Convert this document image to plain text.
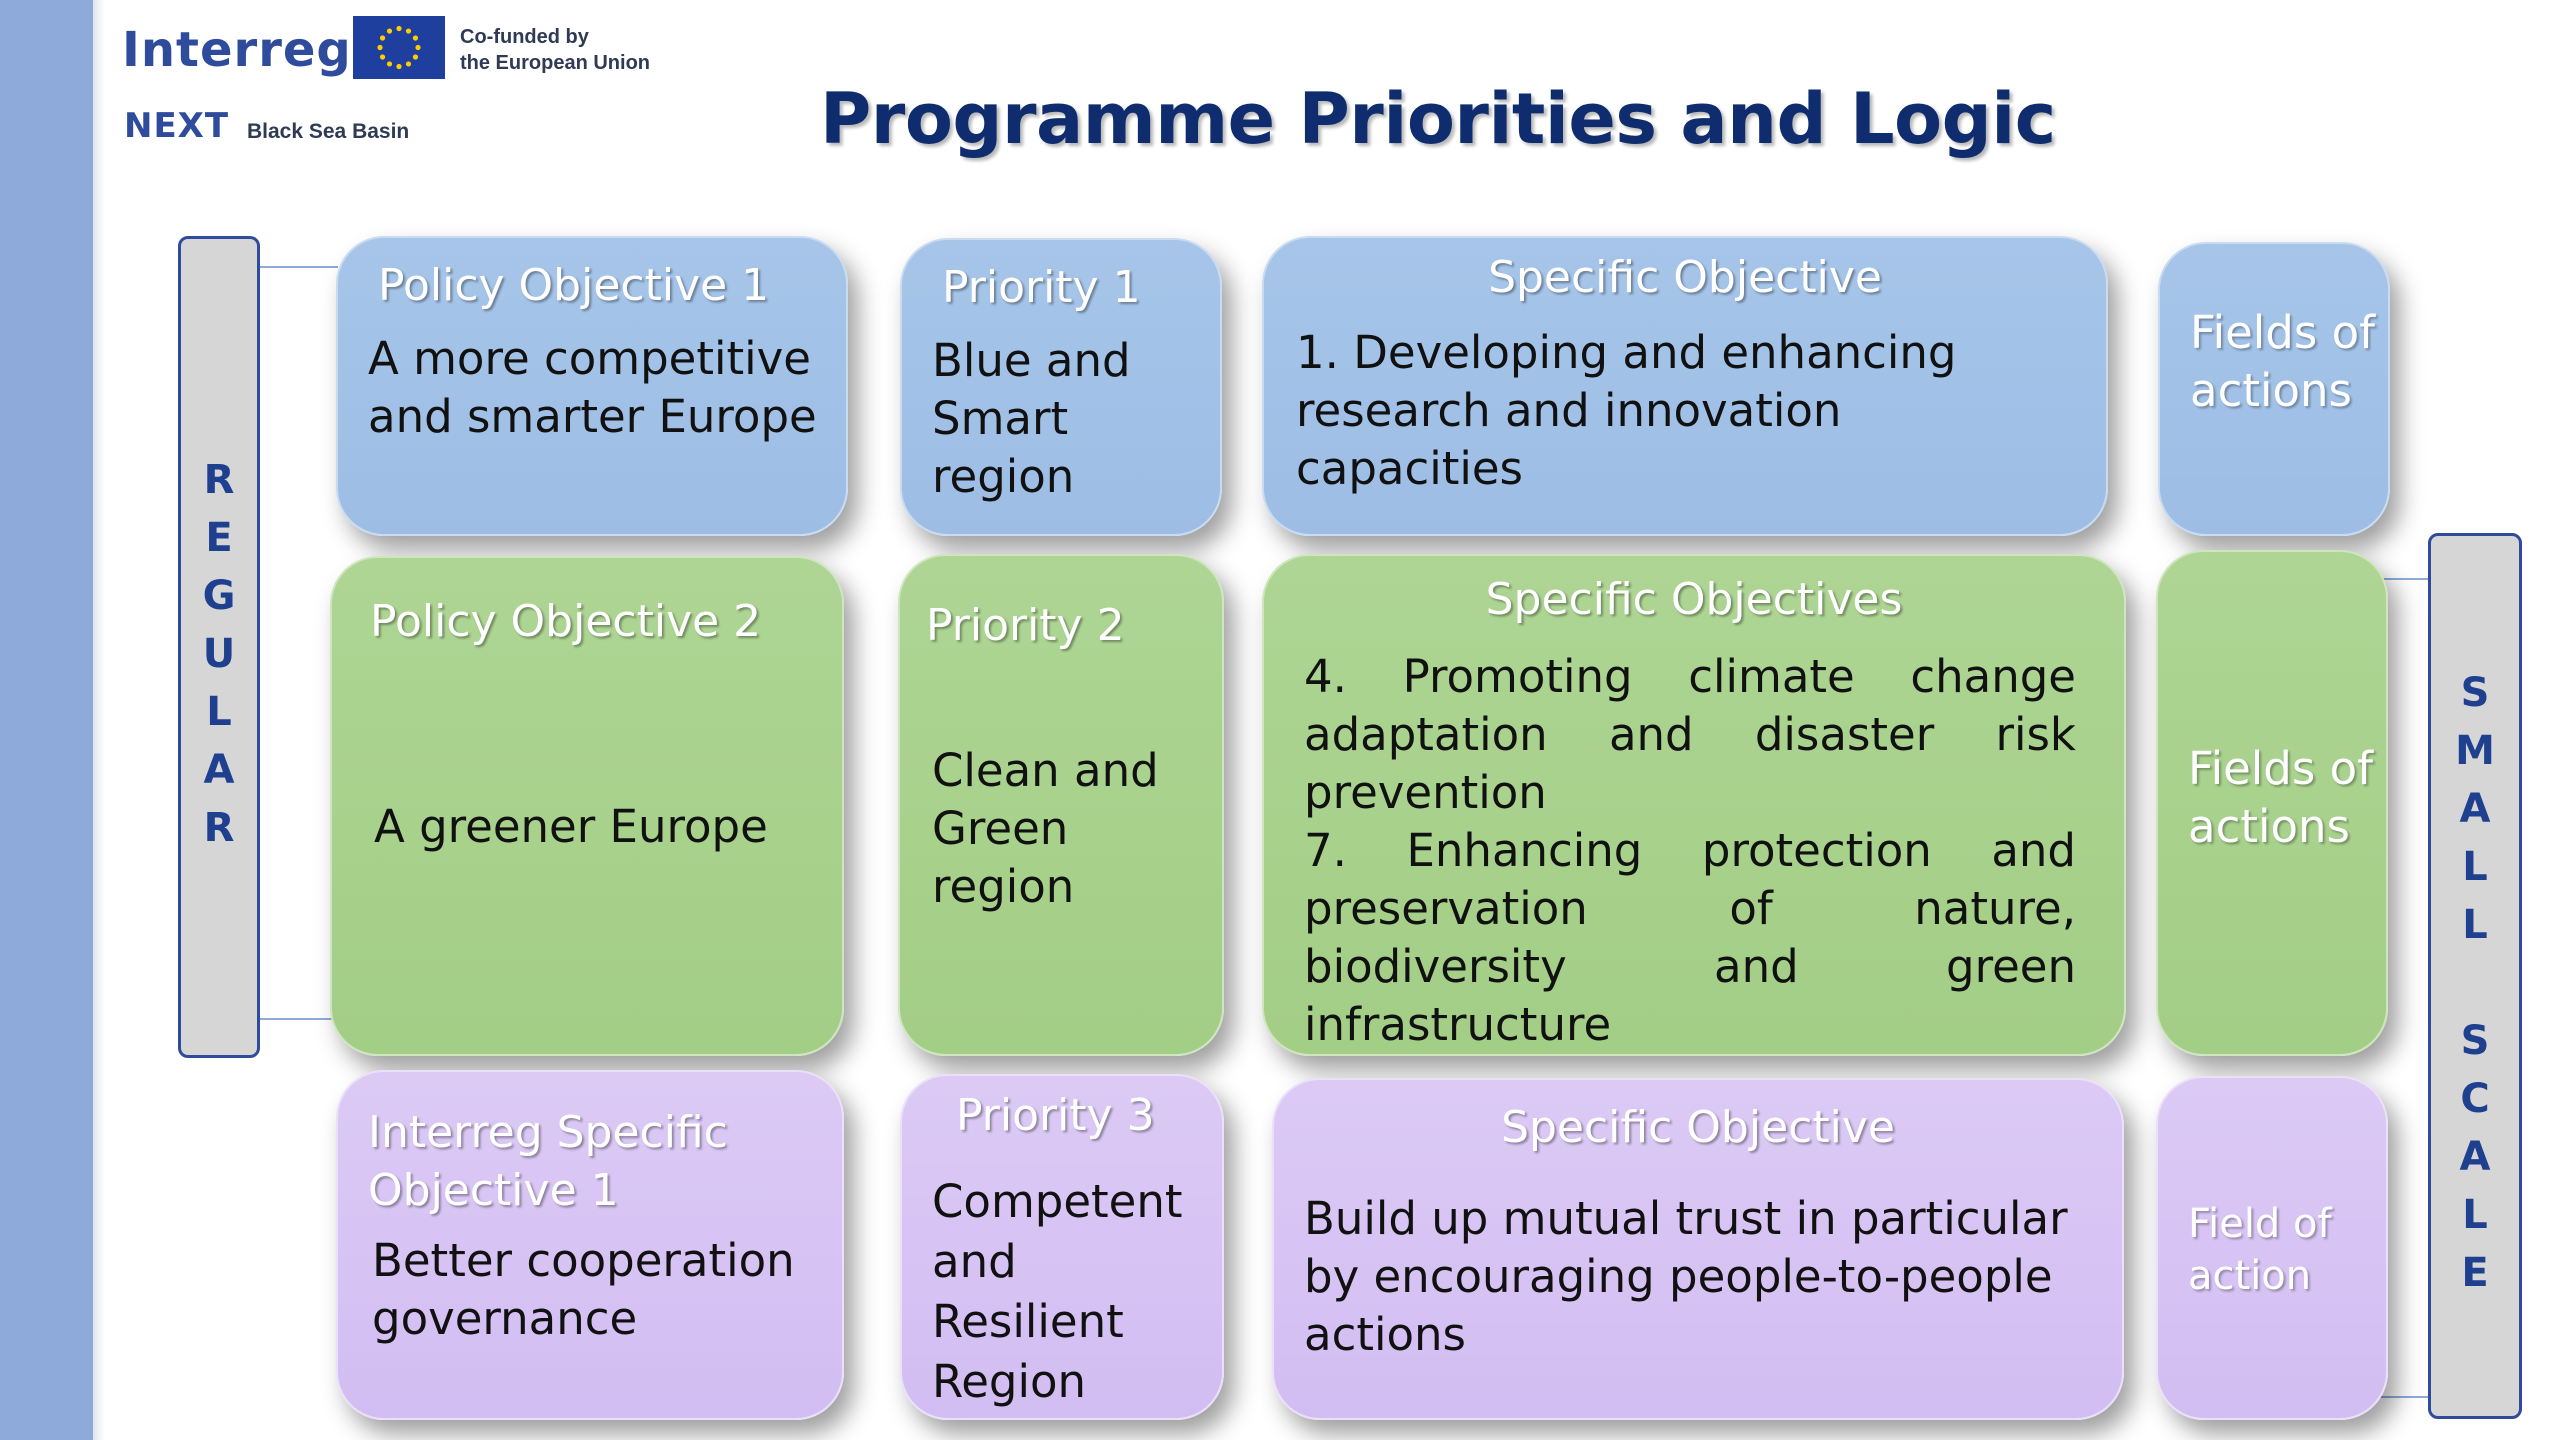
Interreg	Co-funded by
the European Union
NEXT Black Sea Basin	Programme Priorities and Logic
R
E
G
U
L
A
R
S
M
A
L
L

S
C
A
L
E
Policy Objective 1
A more competitive and smarter Europe
Priority 1
Blue and Smart region
Specific Objective
1. Developing and enhancing research and innovation capacities
Fields of actions
Policy Objective 2
A greener Europe
Priority 2
Clean and Green region
Specific Objectives
4. Promoting climate change adaptation and disaster risk prevention
7. Enhancing protection and preservation of nature, biodiversity and green infrastructure
Fields of actions
Interreg Specific Objective 1
Better cooperation governance
Priority 3
Competent and Resilient Region
Specific Objective
Build up mutual trust in particular by encouraging people-to-people actions
Field of action
